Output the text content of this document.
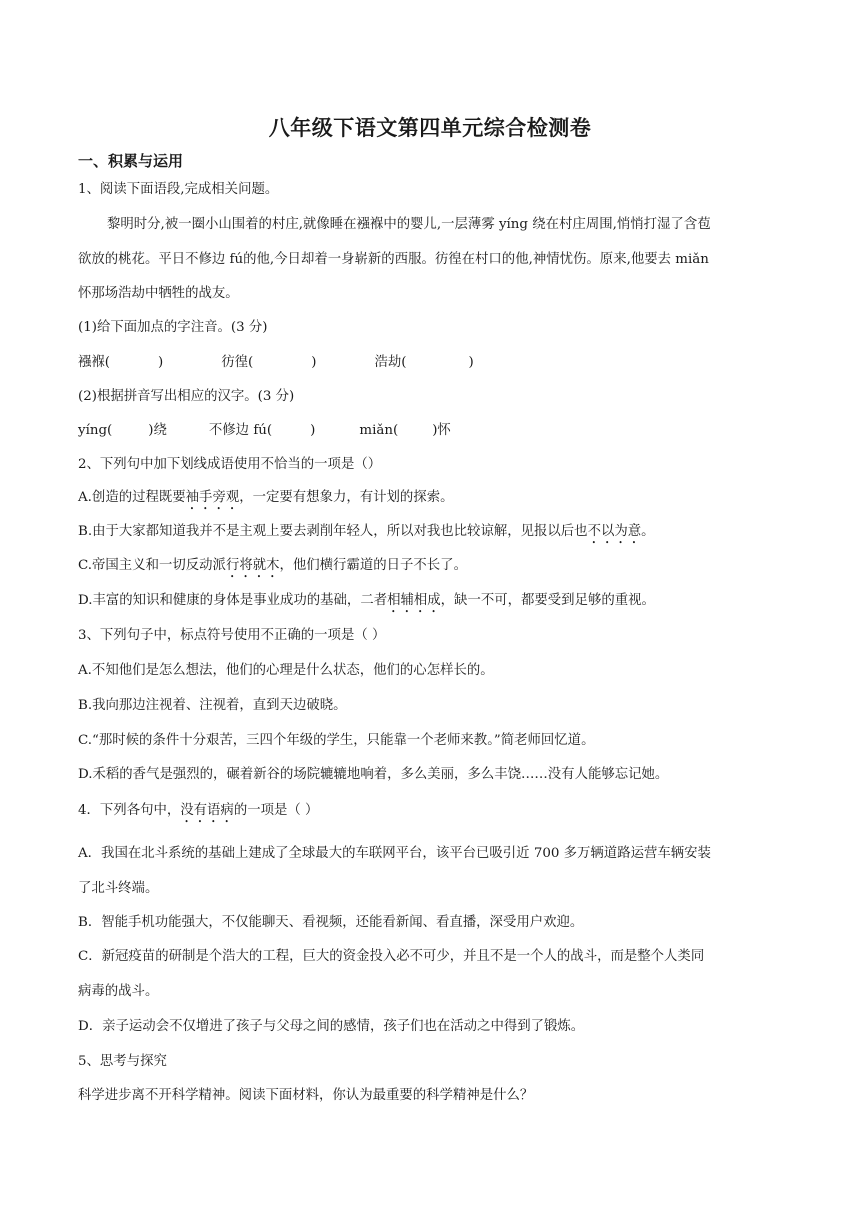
八年级下语文第四单元综合检测卷
一、积累与运用
1、阅读下面语段,完成相关问题。
黎明时分,被一圈小山围着的村庄,就像睡在襁褓中的婴儿,一层薄雾 yíng 绕在村庄周围,悄悄打湿了含苞
欲放的桃花。平日不修边 fú的他,今日却着一身崭新的西服。彷徨在村口的他,神情忧伤。原来,他要去 miǎn
怀那场浩劫中牺牲的战友。
(1)给下面加点的字注音。(3 分)
襁褓(	)	彷徨(	)	浩劫(	)
(2)根据拼音写出相应的汉字。(3 分)
yíng(	)绕	不修边 fú(	)	miǎn(	)怀
2、下列句中加下划线成语使用不恰当的一项是（）
A.创造的过程既要袖手旁观，一定要有想象力，有计划的探索。
B.由于大家都知道我并不是主观上要去剥削年轻人，所以对我也比较谅解，见报以后也不以为意。
C.帝国主义和一切反动派行将就木，他们横行霸道的日子不长了。
D.丰富的知识和健康的身体是事业成功的基础，二者相辅相成，缺一不可，都要受到足够的重视。
3、下列句子中，标点符号使用不正确的一项是（ ）
A.不知他们是怎么想法，他们的心理是什么状态，他们的心怎样长的。
B.我向那边注视着、注视着，直到天边破晓。
C.“那时候的条件十分艰苦，三四个年级的学生，只能靠一个老师来教。”简老师回忆道。
D.禾稻的香气是强烈的，碾着新谷的场院辘辘地响着，多么美丽，多么丰饶……没有人能够忘记她。
4．下列各句中，没有语病的一项是（ ）
A．我国在北斗系统的基础上建成了全球最大的车联网平台，该平台已吸引近 700 多万辆道路运营车辆安装
了北斗终端。
B．智能手机功能强大，不仅能聊天、看视频，还能看新闻、看直播，深受用户欢迎。
C．新冠疫苗的研制是个浩大的工程，巨大的资金投入必不可少，并且不是一个人的战斗，而是整个人类同
病毒的战斗。
D．亲子运动会不仅增进了孩子与父母之间的感情，孩子们也在活动之中得到了锻炼。
5、思考与探究
科学进步离不开科学精神。阅读下面材料，你认为最重要的科学精神是什么？
